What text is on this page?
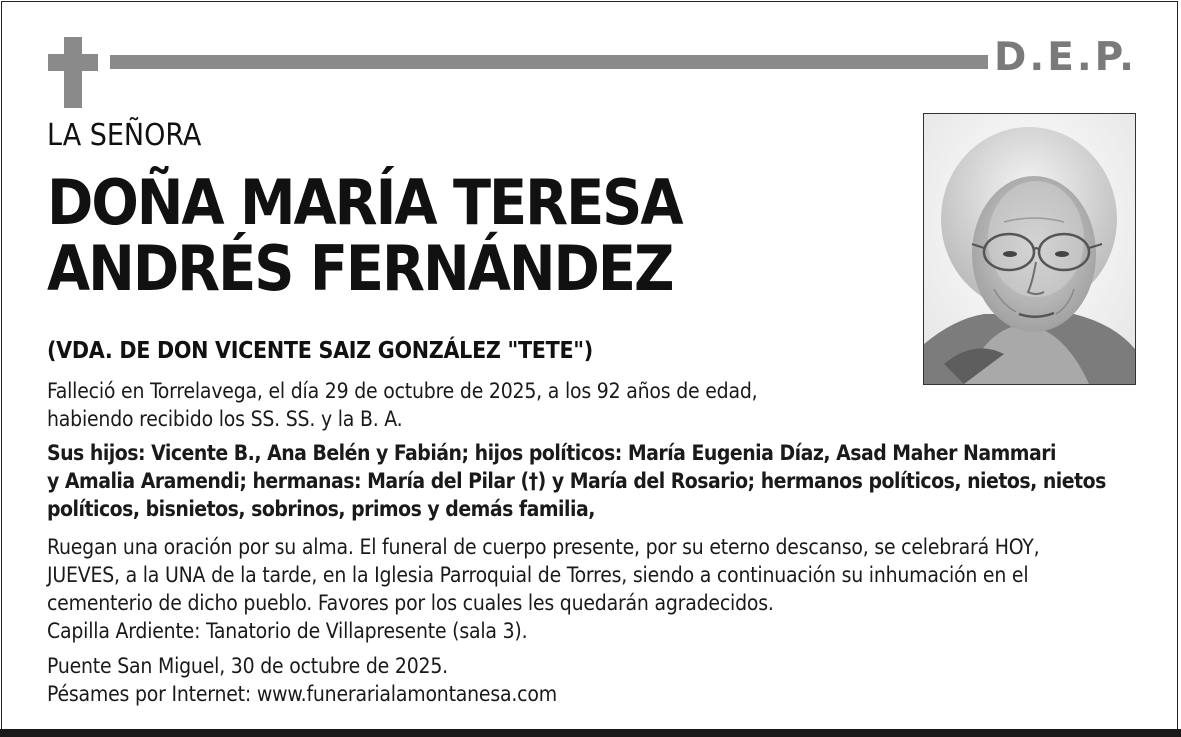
D.E.P.
LA SEÑORA
DOÑA MARÍA TERESA
ANDRÉS FERNÁNDEZ
(VDA. DE DON VICENTE SAIZ GONZÁLEZ "TETE")
Falleció en Torrelavega, el día 29 de octubre de 2025, a los 92 años de edad,
habiendo recibido los SS. SS. y la B. A.
Sus hijos: Vicente B., Ana Belén y Fabián; hijos políticos: María Eugenia Díaz, Asad Maher Nammari
y Amalia Aramendi; hermanas: María del Pilar (†) y María del Rosario; hermanos políticos, nietos, nietos
políticos, bisnietos, sobrinos, primos y demás familia,
Ruegan una oración por su alma. El funeral de cuerpo presente, por su eterno descanso, se celebrará HOY,
JUEVES, a la UNA de la tarde, en la Iglesia Parroquial de Torres, siendo a continuación su inhumación en el
cementerio de dicho pueblo. Favores por los cuales les quedarán agradecidos.
Capilla Ardiente: Tanatorio de Villapresente (sala 3).
Puente San Miguel, 30 de octubre de 2025.
Pésames por Internet: www.funerarialamontanesa.com
